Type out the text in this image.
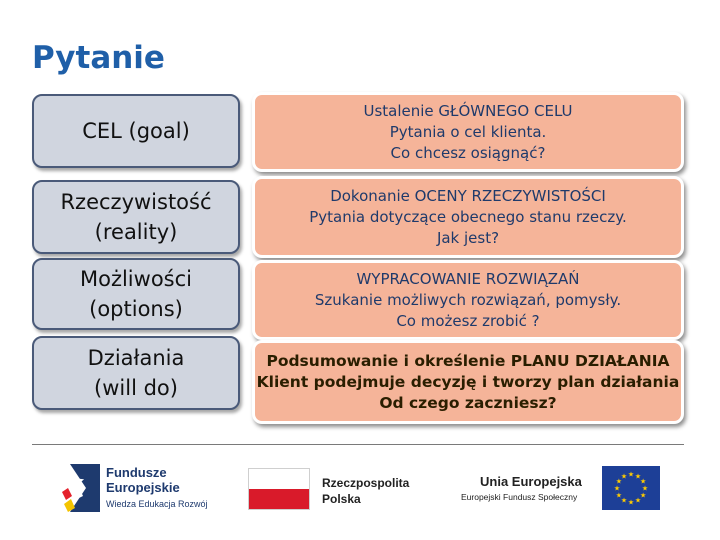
Pytanie
CEL (goal)
Ustalenie GŁÓWNEGO CELU
Pytania o cel klienta.
Co chcesz osiągnąć?
Rzeczywistość
(reality)
Dokonanie OCENY RZECZYWISTOŚCI
Pytania dotyczące obecnego stanu rzeczy.
Jak jest?
Możliwości
(options)
WYPRACOWANIE ROZWIĄZAŃ
Szukanie możliwych rozwiązań, pomysły.
Co możesz zrobić ?
Działania
(will do)
Podsumowanie i określenie PLANU DZIAŁANIA
Klient podejmuje decyzję i tworzy plan działania
Od czego zaczniesz?
Fundusze
Europejskie
Wiedza Edukacja Rozwój
Rzeczpospolita
Polska
Unia Europejska
Europejski Fundusz Społeczny
★ ★
★
★
★
★
★
★
★
★
★
★
